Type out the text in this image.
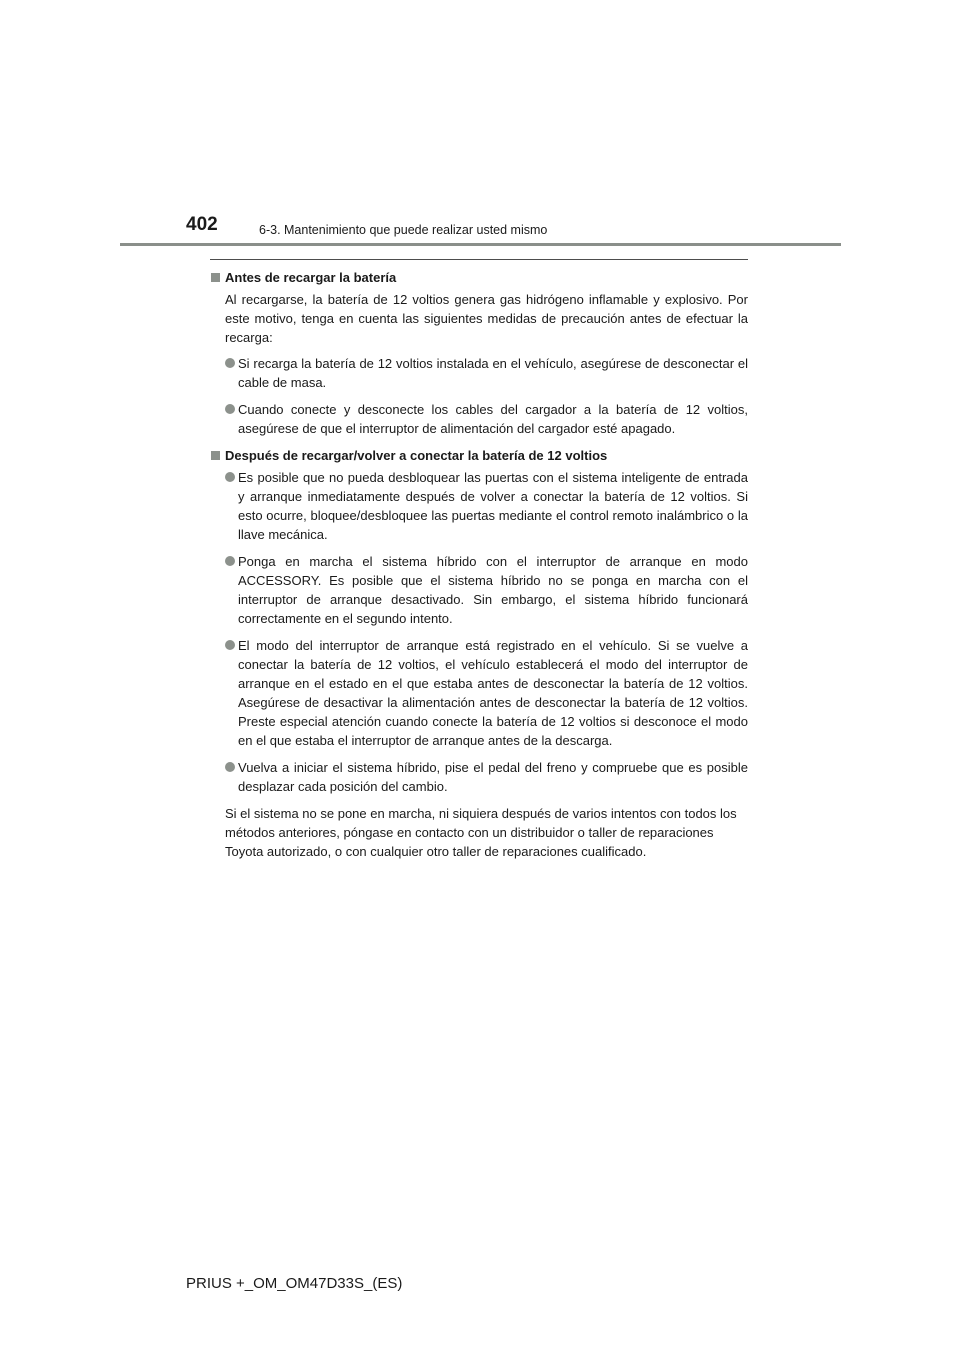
402	6-3. Mantenimiento que puede realizar usted mismo
Antes de recargar la batería
Al recargarse, la batería de 12 voltios genera gas hidrógeno inflamable y explosivo. Por este motivo, tenga en cuenta las siguientes medidas de precaución antes de efectuar la recarga:
Si recarga la batería de 12 voltios instalada en el vehículo, asegúrese de desconectar el cable de masa.
Cuando conecte y desconecte los cables del cargador a la batería de 12 voltios, asegúrese de que el interruptor de alimentación del cargador esté apagado.
Después de recargar/volver a conectar la batería de 12 voltios
Es posible que no pueda desbloquear las puertas con el sistema inteligente de entrada y arranque inmediatamente después de volver a conectar la batería de 12 voltios. Si esto ocurre, bloquee/desbloquee las puertas mediante el control remoto inalámbrico o la llave mecánica.
Ponga en marcha el sistema híbrido con el interruptor de arranque en modo ACCESSORY. Es posible que el sistema híbrido no se ponga en marcha con el interruptor de arranque desactivado. Sin embargo, el sistema híbrido funcionará correctamente en el segundo intento.
El modo del interruptor de arranque está registrado en el vehículo. Si se vuelve a conectar la batería de 12 voltios, el vehículo establecerá el modo del interruptor de arranque en el estado en el que estaba antes de desconectar la batería de 12 voltios. Asegúrese de desactivar la alimentación antes de desconectar la batería de 12 voltios. Preste especial atención cuando conecte la batería de 12 voltios si desconoce el modo en el que estaba el interruptor de arranque antes de la descarga.
Vuelva a iniciar el sistema híbrido, pise el pedal del freno y compruebe que es posible desplazar cada posición del cambio.
Si el sistema no se pone en marcha, ni siquiera después de varios intentos con todos los métodos anteriores, póngase en contacto con un distribuidor o taller de reparaciones Toyota autorizado, o con cualquier otro taller de reparaciones cualificado.
PRIUS +_OM_OM47D33S_(ES)
